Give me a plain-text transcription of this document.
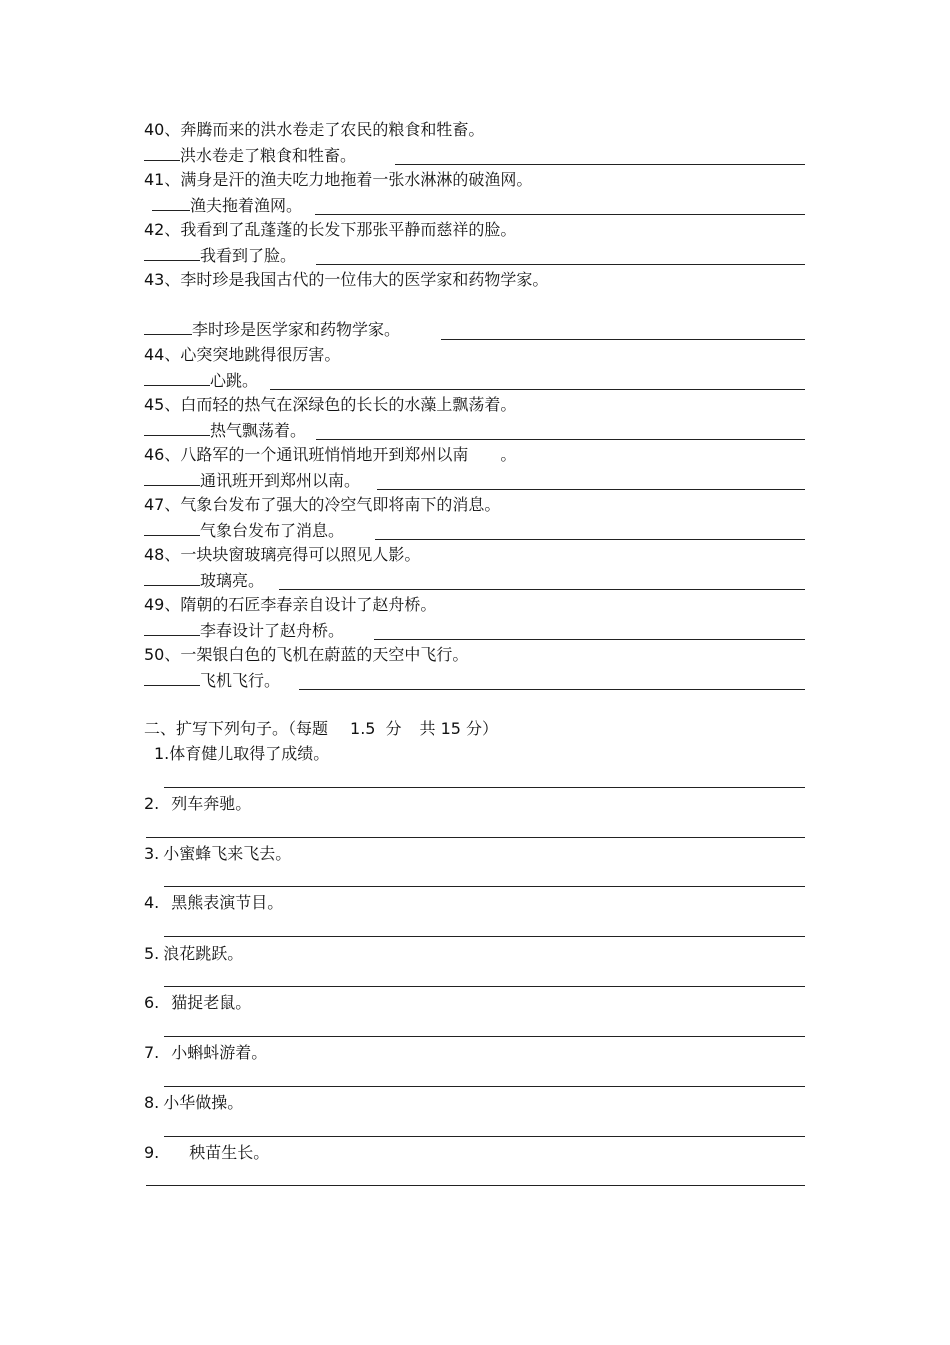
40、奔腾而来的洪水卷走了农民的粮食和牲畜。
洪水卷走了粮食和牲畜。
41、满身是汗的渔夫吃力地拖着一张水淋淋的破渔网。
渔夫拖着渔网。
42、我看到了乱蓬蓬的长发下那张平静而慈祥的脸。
我看到了脸。
43、李时珍是我国古代的一位伟大的医学家和药物学家。
李时珍是医学家和药物学家。
44、心突突地跳得很厉害。
心跳。
45、白而轻的热气在深绿色的长长的水藻上飘荡着。
热气飘荡着。
46、八路军的一个通讯班悄悄地开到郑州以南 。
通讯班开到郑州以南。
47、气象台发布了强大的冷空气即将南下的消息。
气象台发布了消息。
48、一块块窗玻璃亮得可以照见人影。
玻璃亮。
49、隋朝的石匠李春亲自设计了赵舟桥。
李春设计了赵舟桥。
50、一架银白色的飞机在蔚蓝的天空中飞行。
飞机飞行。
二、扩写下列句子。（每题 1.5 分 共 15 分）
1.体育健儿取得了成绩。
2. 列车奔驰。
3. 小蜜蜂飞来飞去。
4. 黑熊表演节目。
5. 浪花跳跃。
6. 猫捉老鼠。
7. 小蝌蚪游着。
8. 小华做操。
9. 秧苗生长。
